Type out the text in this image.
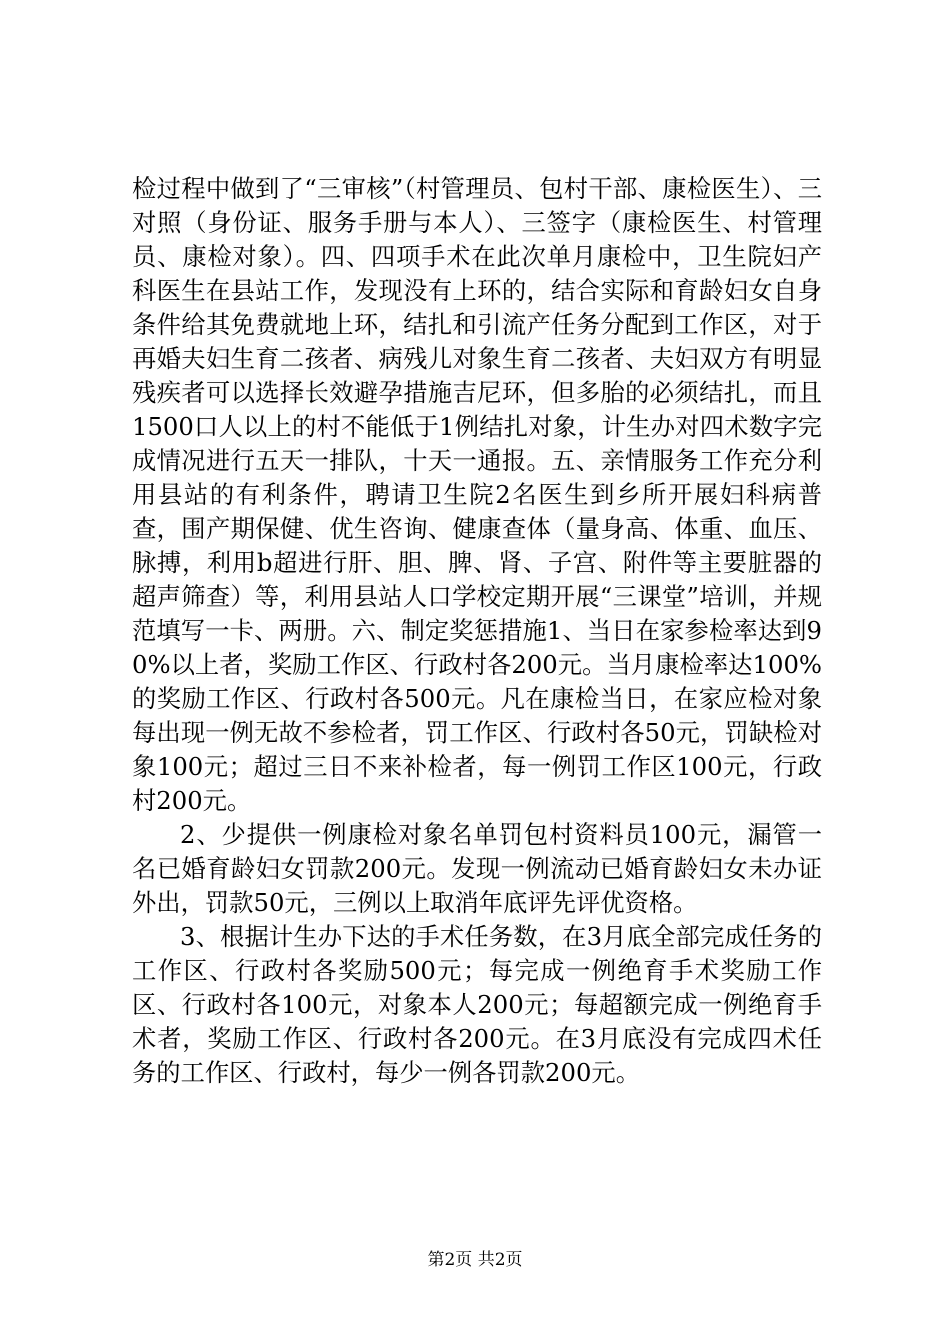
检过程中做到了“三审核”（村管理员、包村干部、康检医生）、三对照（身份证、服务手册与本人）、三签字（康检医生、村管理员、康检对象）。四、四项手术在此次单月康检中，卫生院妇产科医生在县站工作，发现没有上环的，结合实际和育龄妇女自身条件给其免费就地上环，结扎和引流产任务分配到工作区，对于再婚夫妇生育二孩者、病残儿对象生育二孩者、夫妇双方有明显残疾者可以选择长效避孕措施吉尼环，但多胎的必须结扎，而且1500口人以上的村不能低于1例结扎对象，计生办对四术数字完成情况进行五天一排队，十天一通报。五、亲情服务工作充分利用县站的有利条件，聘请卫生院2名医生到乡所开展妇科病普查，围产期保健、优生咨询、健康查体（量身高、体重、血压、脉搏，利用b超进行肝、胆、脾、肾、子宫、附件等主要脏器的超声筛查）等，利用县站人口学校定期开展“三课堂”培训，并规范填写一卡、两册。六、制定奖惩措施1、当日在家参检率达到90%以上者，奖励工作区、行政村各200元。当月康检率达100%的奖励工作区、行政村各500元。凡在康检当日，在家应检对象每出现一例无故不参检者，罚工作区、行政村各50元，罚缺检对象100元；超过三日不来补检者，每一例罚工作区100元，行政村200元。

2、少提供一例康检对象名单罚包村资料员100元，漏管一名已婚育龄妇女罚款200元。发现一例流动已婚育龄妇女未办证外出，罚款50元，三例以上取消年底评先评优资格。

3、根据计生办下达的手术任务数，在3月底全部完成任务的工作区、行政村各奖励500元；每完成一例绝育手术奖励工作区、行政村各100元，对象本人200元；每超额完成一例绝育手术者，奖励工作区、行政村各200元。在3月底没有完成四术任务的工作区、行政村，每少一例各罚款200元。

第2页 共2页
